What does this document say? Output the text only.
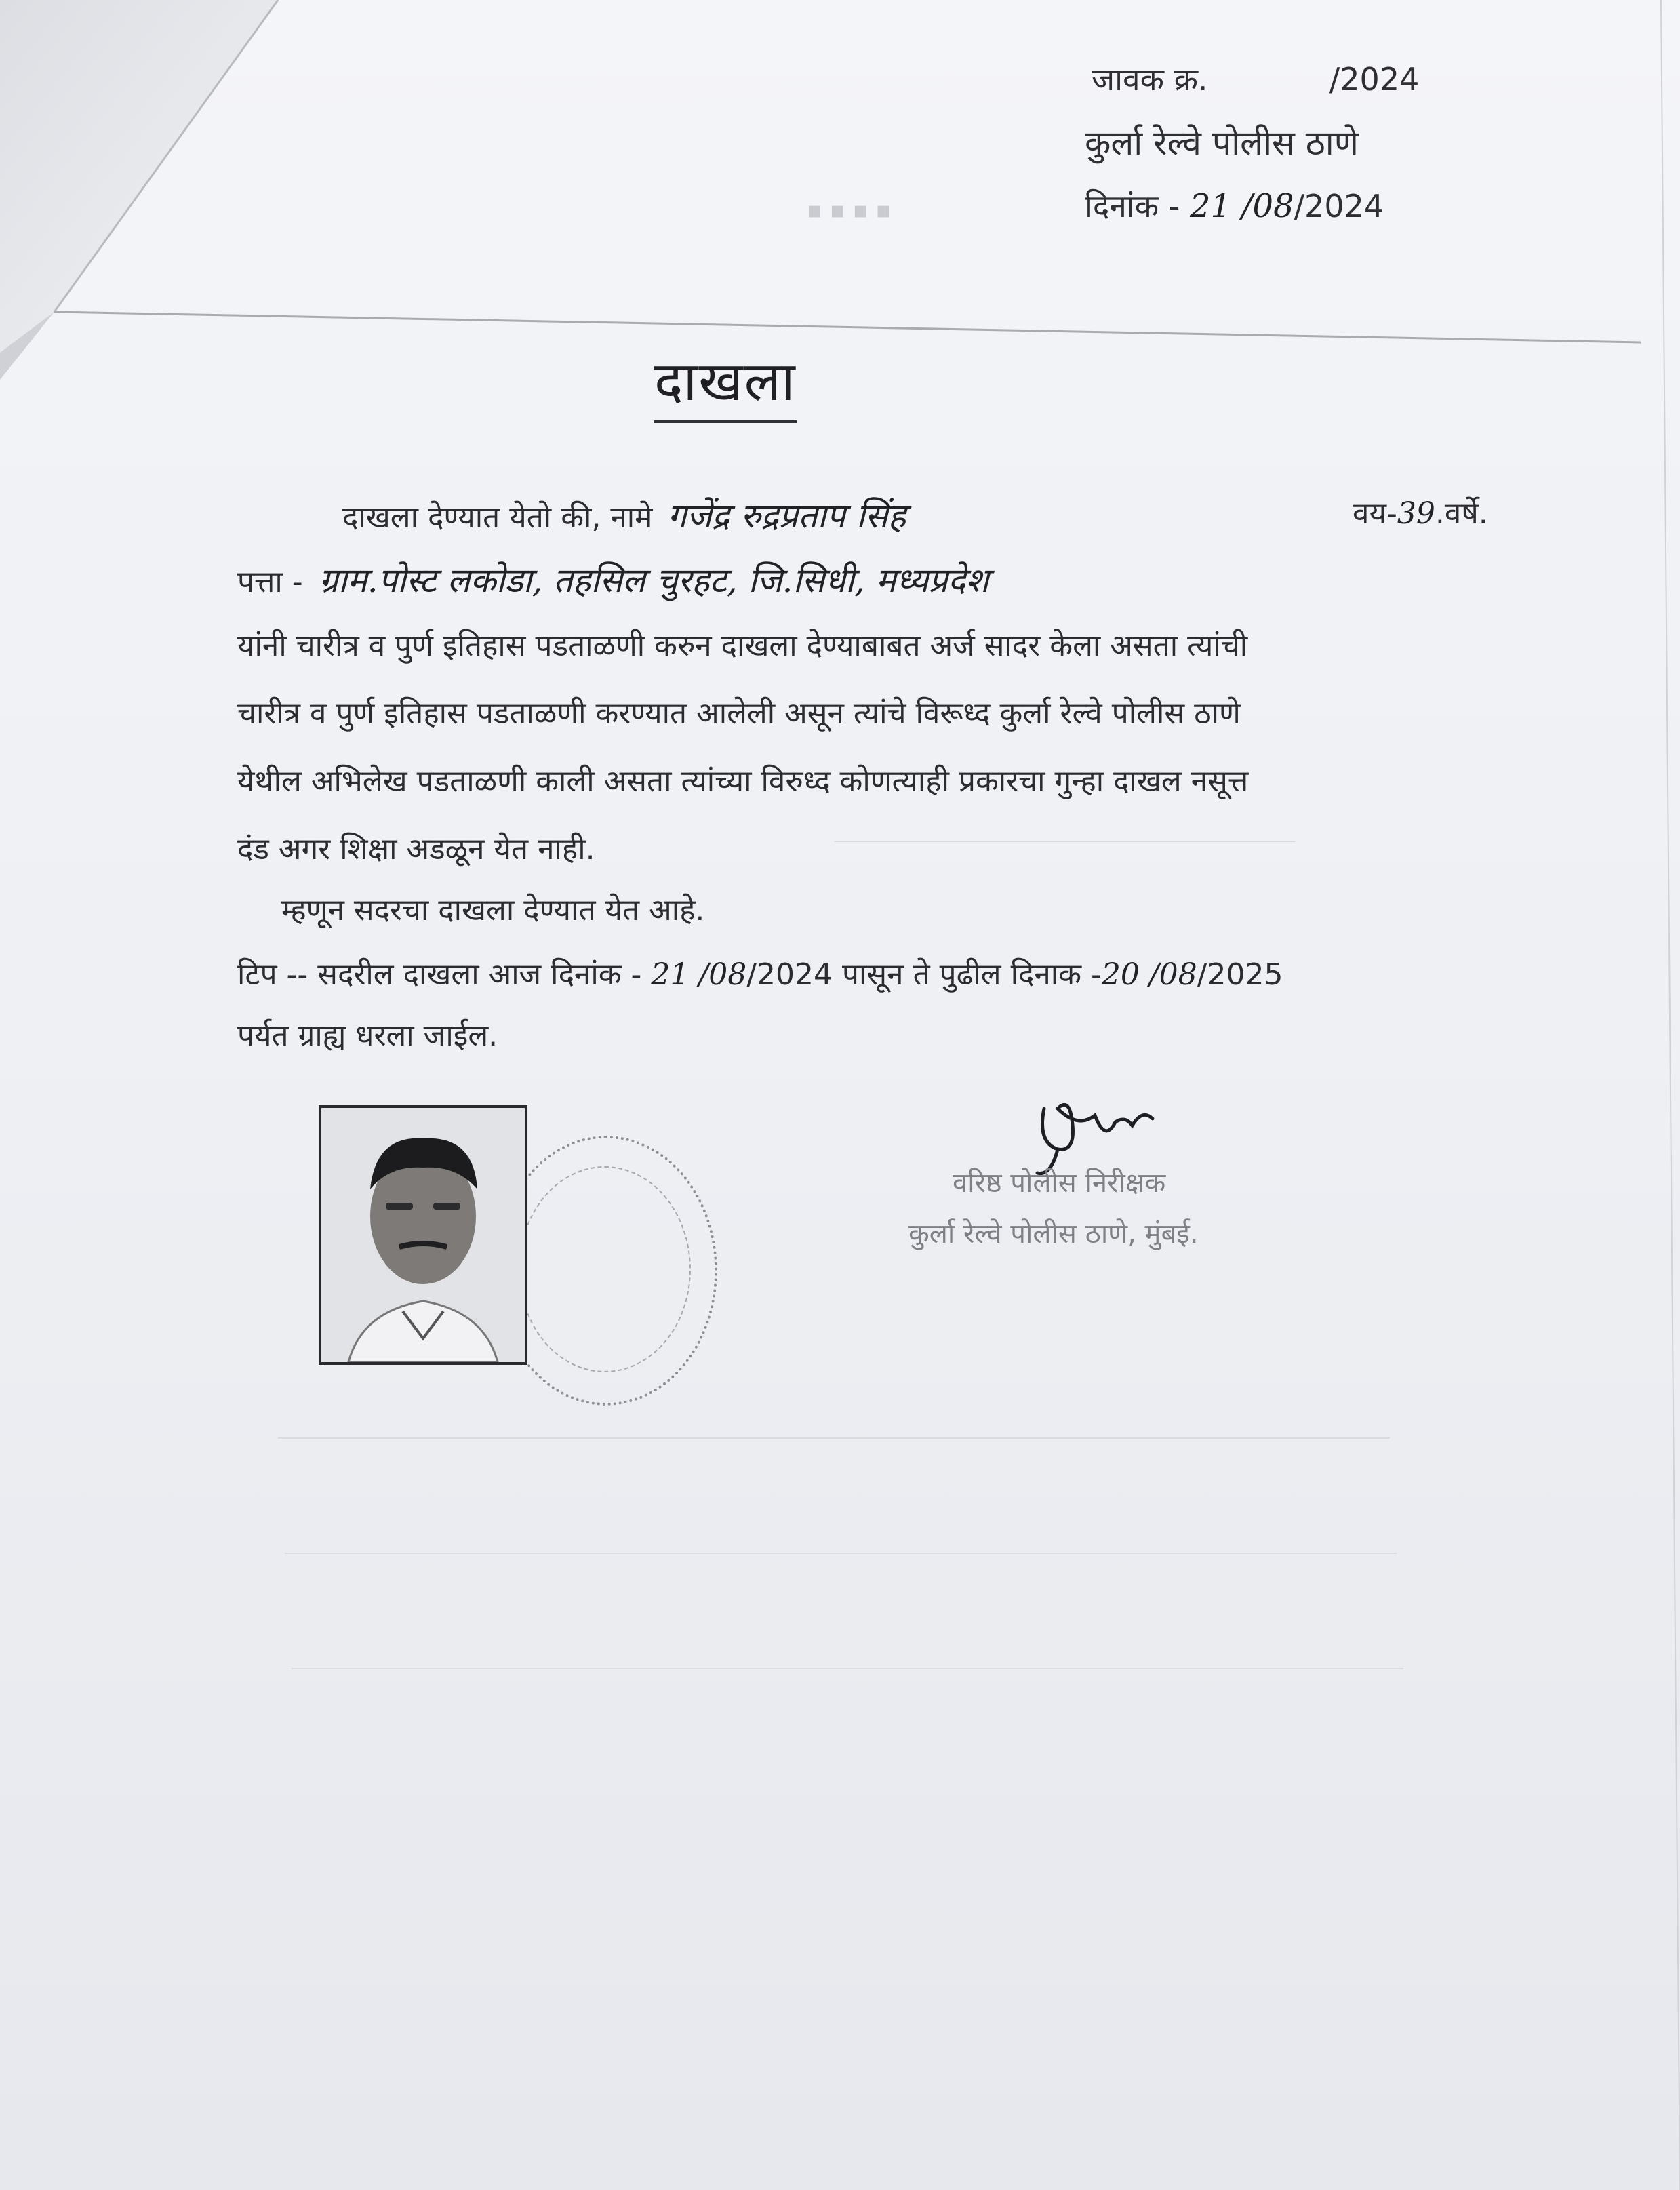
▪ ▪ ▪ ▪
जावक क्र.	/2024
कुर्ला रेल्वे पोलीस ठाणे
दिनांक - 21 /08/2024
दाखला
दाखला देण्यात येतो की, नामे गजेंद्र रुद्रप्रताप सिंह	वय-39.वर्षे.
पत्ता - ग्राम.पोस्ट लकोडा, तहसिल चुरहट, जि.सिधी, मध्यप्रदेश
यांनी चारीत्र व पुर्ण इतिहास पडताळणी करुन दाखला देण्याबाबत अर्ज सादर केला असता त्यांची
चारीत्र व पुर्ण इतिहास पडताळणी करण्यात आलेली असून त्यांचे विरूध्द कुर्ला रेल्वे पोलीस ठाणे
येथील अभिलेख पडताळणी काली असता त्यांच्या विरुध्द कोणत्याही प्रकारचा गुन्हा दाखल नसूत्त
दंड अगर शिक्षा अडळून येत नाही.
म्हणून सदरचा दाखला देण्यात येत आहे.
टिप -- सदरील दाखला आज दिनांक - 21 /08/2024 पासून ते पुढील दिनाक -20 /08/2025
पर्यत ग्राह्य धरला जाईल.
वरिष्ठ पोलीस निरीक्षक
कुर्ला रेल्वे पोलीस ठाणे, मुंबई.
